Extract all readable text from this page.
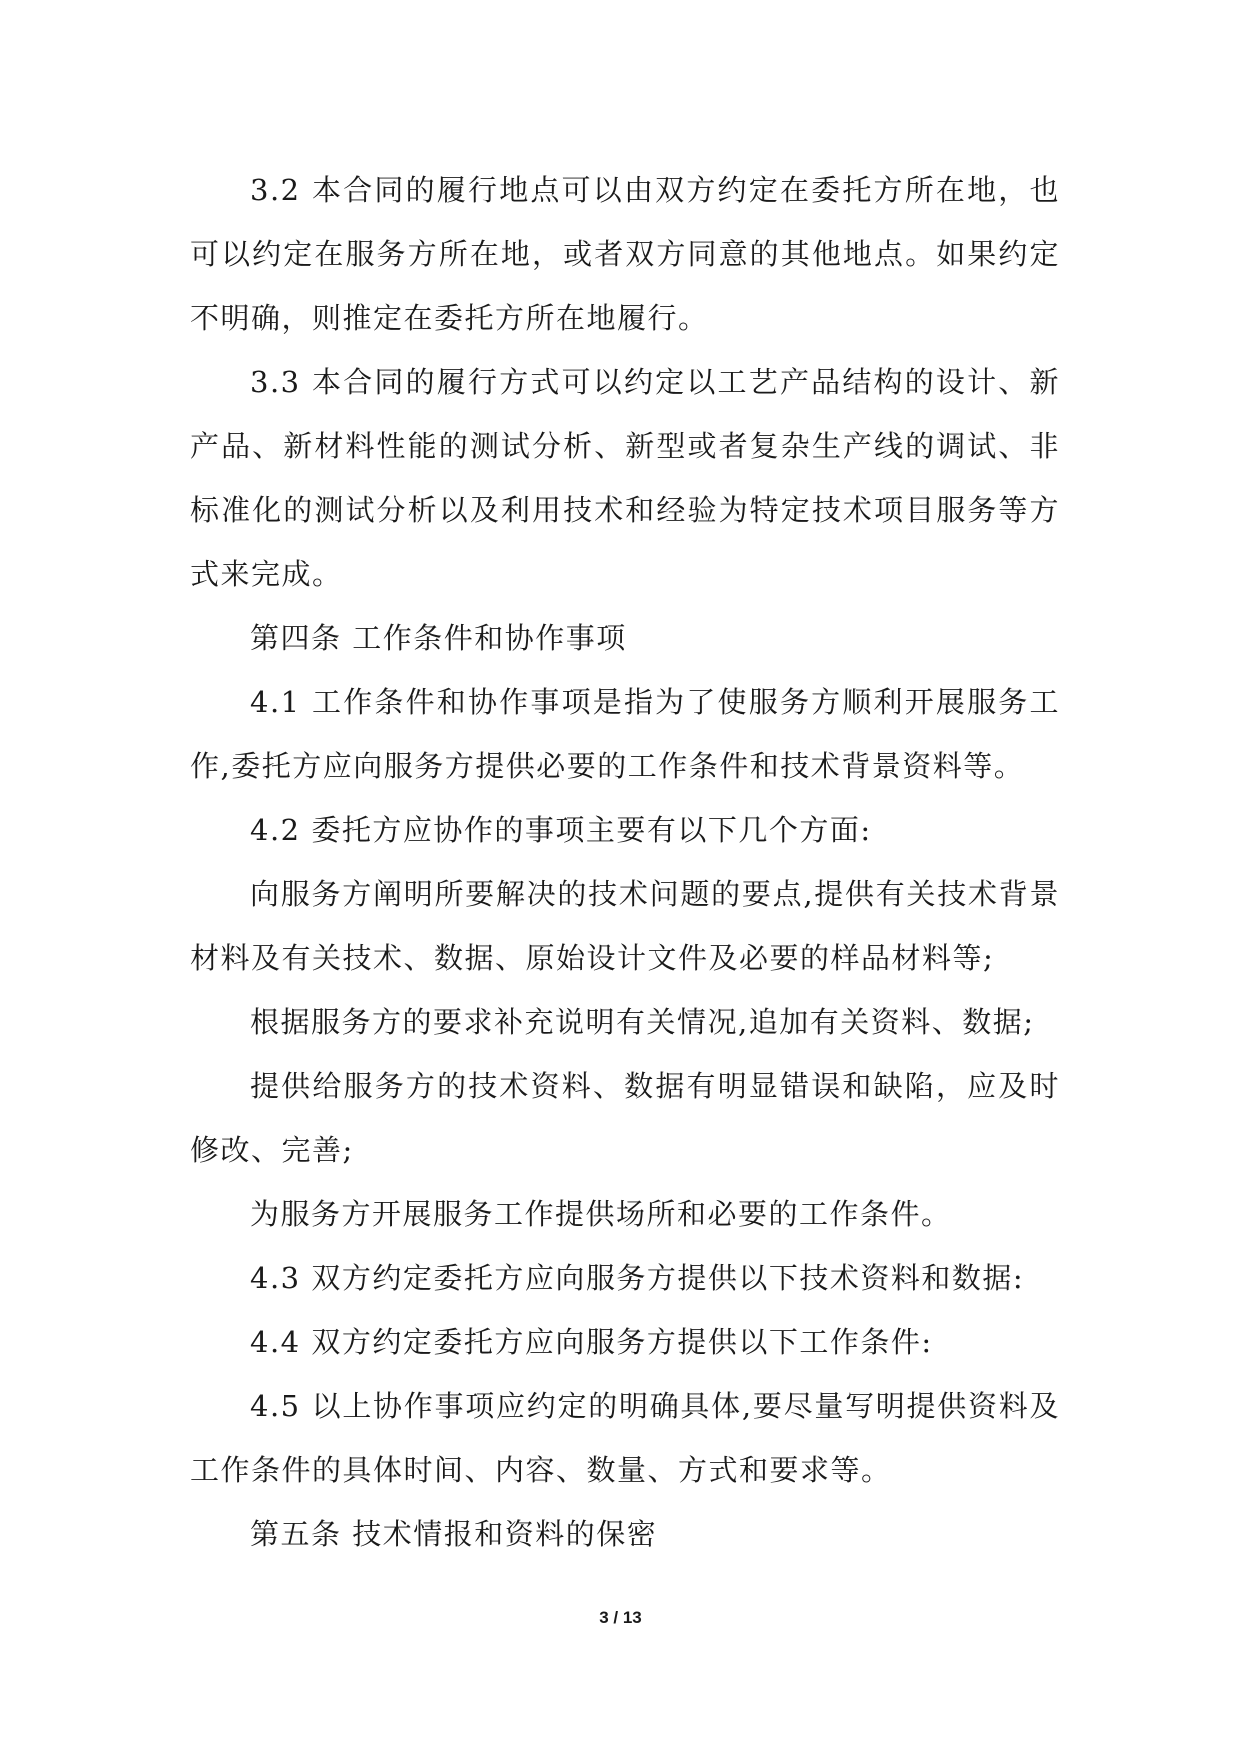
3.2 本合同的履行地点可以由双方约定在委托方所在地，也可以约定在服务方所在地，或者双方同意的其他地点。如果约定不明确，则推定在委托方所在地履行。

3.3 本合同的履行方式可以约定以工艺产品结构的设计、新产品、新材料性能的测试分析、新型或者复杂生产线的调试、非标准化的测试分析以及利用技术和经验为特定技术项目服务等方式来完成。

第四条 工作条件和协作事项

4.1 工作条件和协作事项是指为了使服务方顺利开展服务工作,委托方应向服务方提供必要的工作条件和技术背景资料等。

4.2 委托方应协作的事项主要有以下几个方面:

向服务方阐明所要解决的技术问题的要点,提供有关技术背景材料及有关技术、数据、原始设计文件及必要的样品材料等;

根据服务方的要求补充说明有关情况,追加有关资料、数据;

提供给服务方的技术资料、数据有明显错误和缺陷，应及时修改、完善;

为服务方开展服务工作提供场所和必要的工作条件。

4.3 双方约定委托方应向服务方提供以下技术资料和数据:

4.4 双方约定委托方应向服务方提供以下工作条件:

4.5 以上协作事项应约定的明确具体,要尽量写明提供资料及工作条件的具体时间、内容、数量、方式和要求等。

第五条 技术情报和资料的保密

3 / 13
